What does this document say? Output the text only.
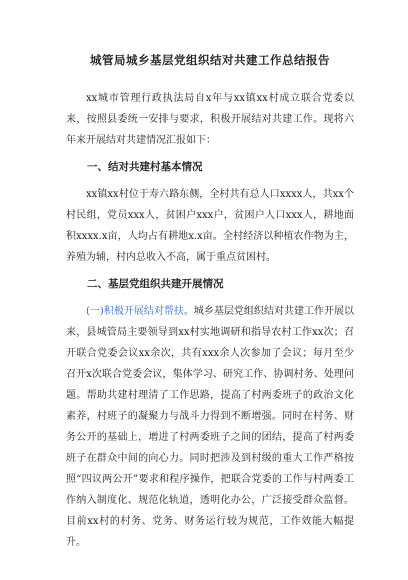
城管局城乡基层党组织结对共建工作总结报告

xx城市管理行政执法局自x年与xx镇xx村成立联合党委以来，按照县委统一安排与要求，积极开展结对共建工作。现将六年来开展结对共建情况汇报如下：

一、结对共建村基本情况

xx镇xx村位于寿六路东侧，全村共有总人口xxxx人，共xx个村民组，党员xxx人，贫困户xxx户，贫困户人口xxx人，耕地面积xxxx.x亩，人均占有耕地x.x亩。全村经济以种植农作物为主，养殖为辅，村内总收入不高，属于重点贫困村。

二、基层党组织共建开展情况

(一)积极开展结对帮扶。城乡基层党组织结对共建工作开展以来，县城管局主要领导到xx村实地调研和指导农村工作xx次；召开联合党委会议xx余次，共有xxx余人次参加了会议；每月至少召开x次联合党委会议，集体学习、研究工作、协调村务、处理问题。帮助共建村理清了工作思路，提高了村两委班子的政治文化素养，村班子的凝聚力与战斗力得到不断增强。同时在村务、财务公开的基础上，增进了村两委班子之间的团结，提高了村两委班子在群众中间的向心力。同时把涉及到村级的重大工作严格按照“四议两公开”要求和程序操作，把联合党委的工作与村两委工作纳入制度化、规范化轨道，透明化办公，广泛接受群众监督。目前xx村的村务、党务、财务运行较为规范，工作效能大幅提升。
